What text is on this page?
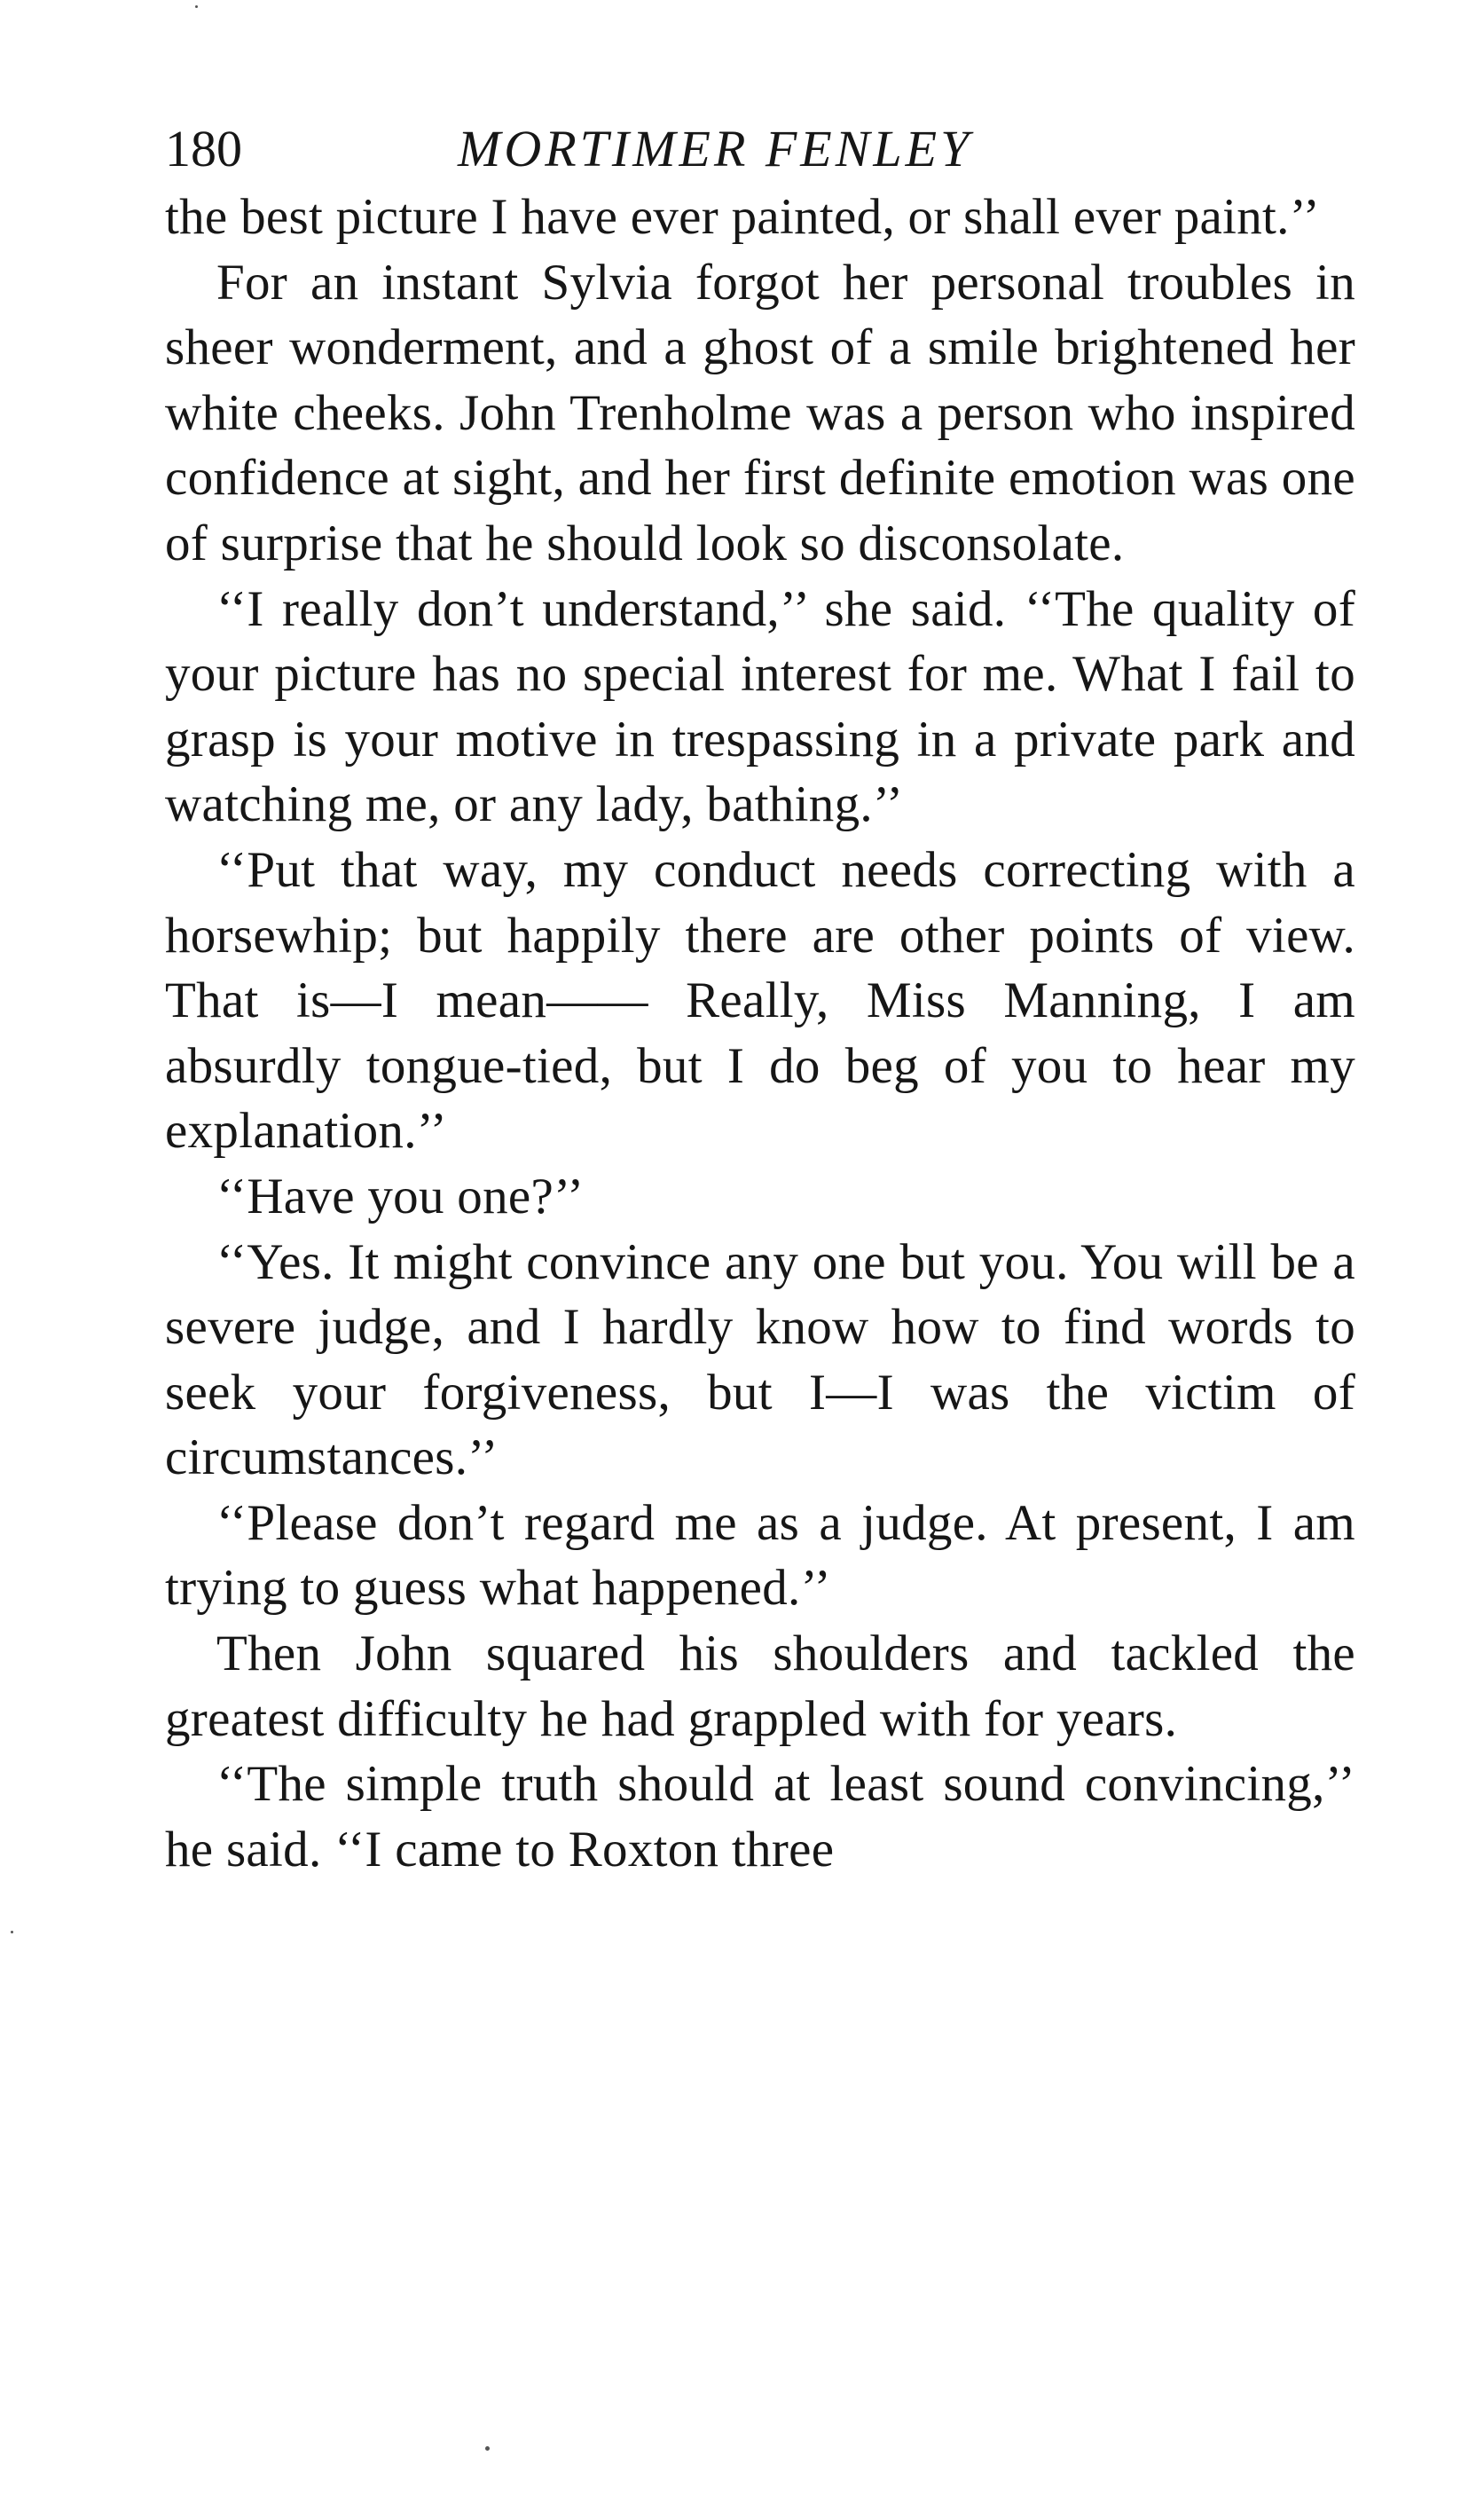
180	MORTIMER FENLEY

the best picture I have ever painted, or shall ever paint.’’

For an instant Sylvia forgot her personal troubles in sheer wonderment, and a ghost of a smile brightened her white cheeks. John Trenholme was a person who inspired confidence at sight, and her first definite emotion was one of surprise that he should look so disconsolate.

‘‘I really don’t understand,’’ she said. ‘‘The quality of your picture has no special interest for me. What I fail to grasp is your motive in trespassing in a private park and watching me, or any lady, bathing.’’

‘‘Put that way, my conduct needs correcting with a horsewhip; but happily there are other points of view. That is—I mean—— Really, Miss Manning, I am absurdly tongue-tied, but I do beg of you to hear my explanation.’’

‘‘Have you one?’’

‘‘Yes. It might convince any one but you. You will be a severe judge, and I hardly know how to find words to seek your forgiveness, but I—I was the victim of circumstances.’’

‘‘Please don’t regard me as a judge. At present, I am trying to guess what happened.’’

Then John squared his shoulders and tackled the greatest difficulty he had grappled with for years.

‘‘The simple truth should at least sound convincing,’’ he said. ‘‘I came to Roxton three
